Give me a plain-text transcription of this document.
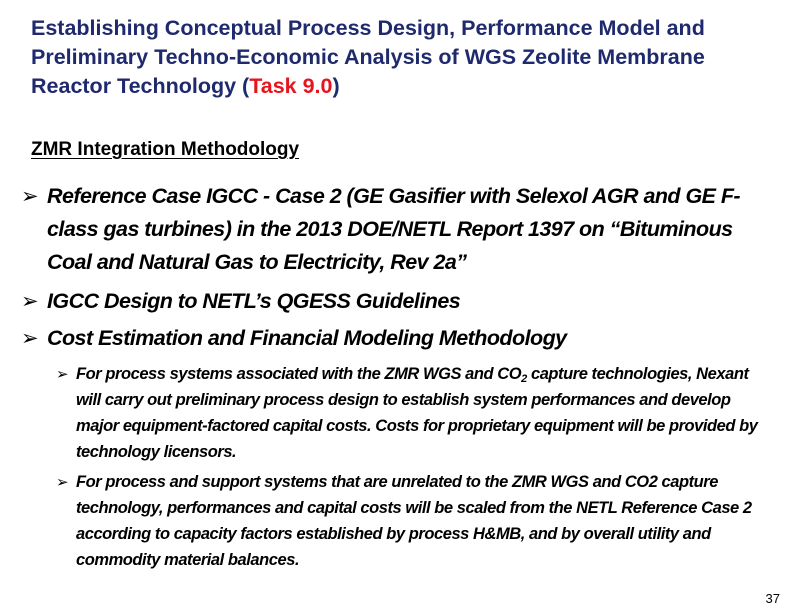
Establishing Conceptual Process Design, Performance Model and Preliminary Techno-Economic Analysis of WGS Zeolite Membrane Reactor Technology (Task 9.0)
ZMR Integration Methodology
➢ Reference Case IGCC - Case 2 (GE Gasifier with Selexol AGR and GE F-class gas turbines) in the 2013 DOE/NETL Report 1397 on “Bituminous Coal and Natural Gas to Electricity, Rev 2a”
➢ IGCC Design to NETL’s QGESS Guidelines
➢ Cost Estimation and Financial Modeling Methodology
➢ For process systems associated with the ZMR WGS and $CO_2$ capture technologies, Nexant will carry out preliminary process design to establish system performances and develop major equipment-factored capital costs. Costs for proprietary equipment will be provided by technology licensors.
➢ For process and support systems that are unrelated to the ZMR WGS and CO2 capture technology, performances and capital costs will be scaled from the NETL Reference Case 2 according to capacity factors established by process H&MB, and by overall utility and commodity material balances.
37
